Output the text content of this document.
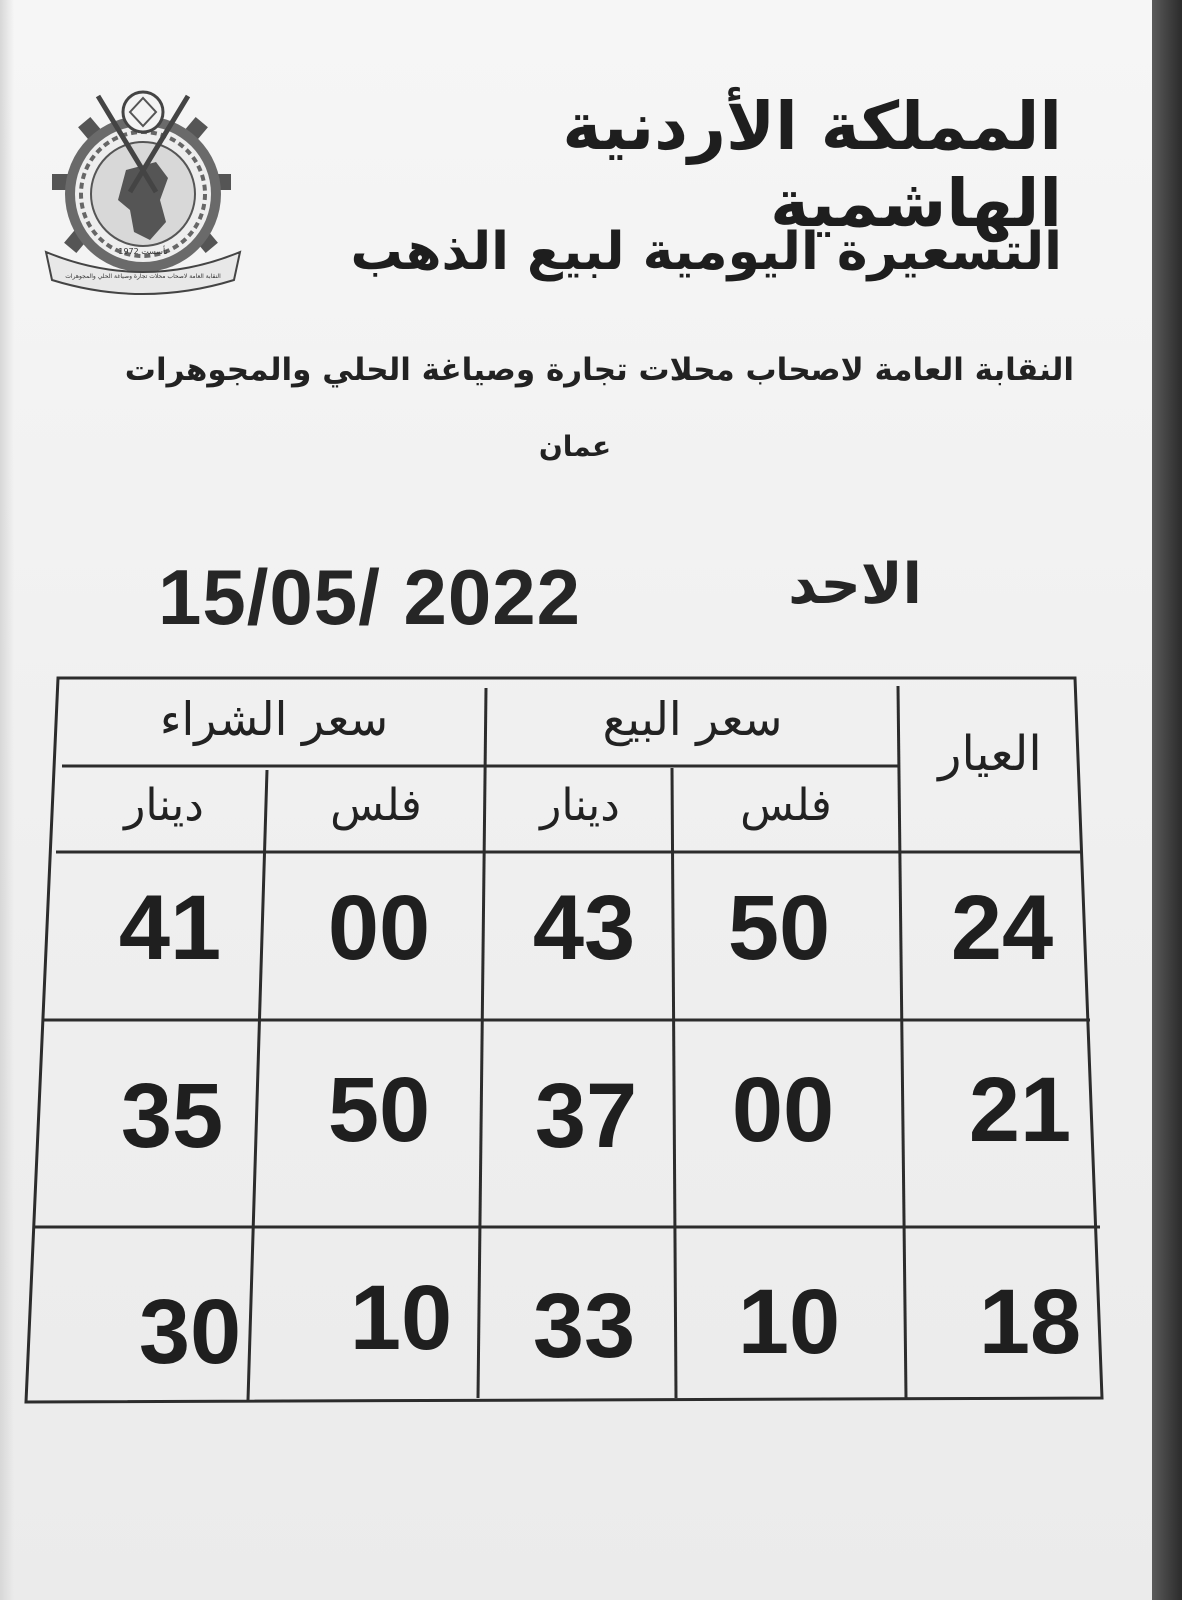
تأسست 1972
النقابة العامة لاصحاب محلات تجارة وصياغة الحلي والمجوهرات
المملكة الأردنية الهاشمية
التسعيرة اليومية لبيع الذهب
النقابة العامة لاصحاب محلات تجارة وصياغة الحلي والمجوهرات
عمان
15/05/ 2022	الاحد
العيار
سعر البيع
سعر الشراء
فلس
دينار
فلس
دينار
24
50
43
00
41
21
00
37
50
35
18
10
33
10
30
